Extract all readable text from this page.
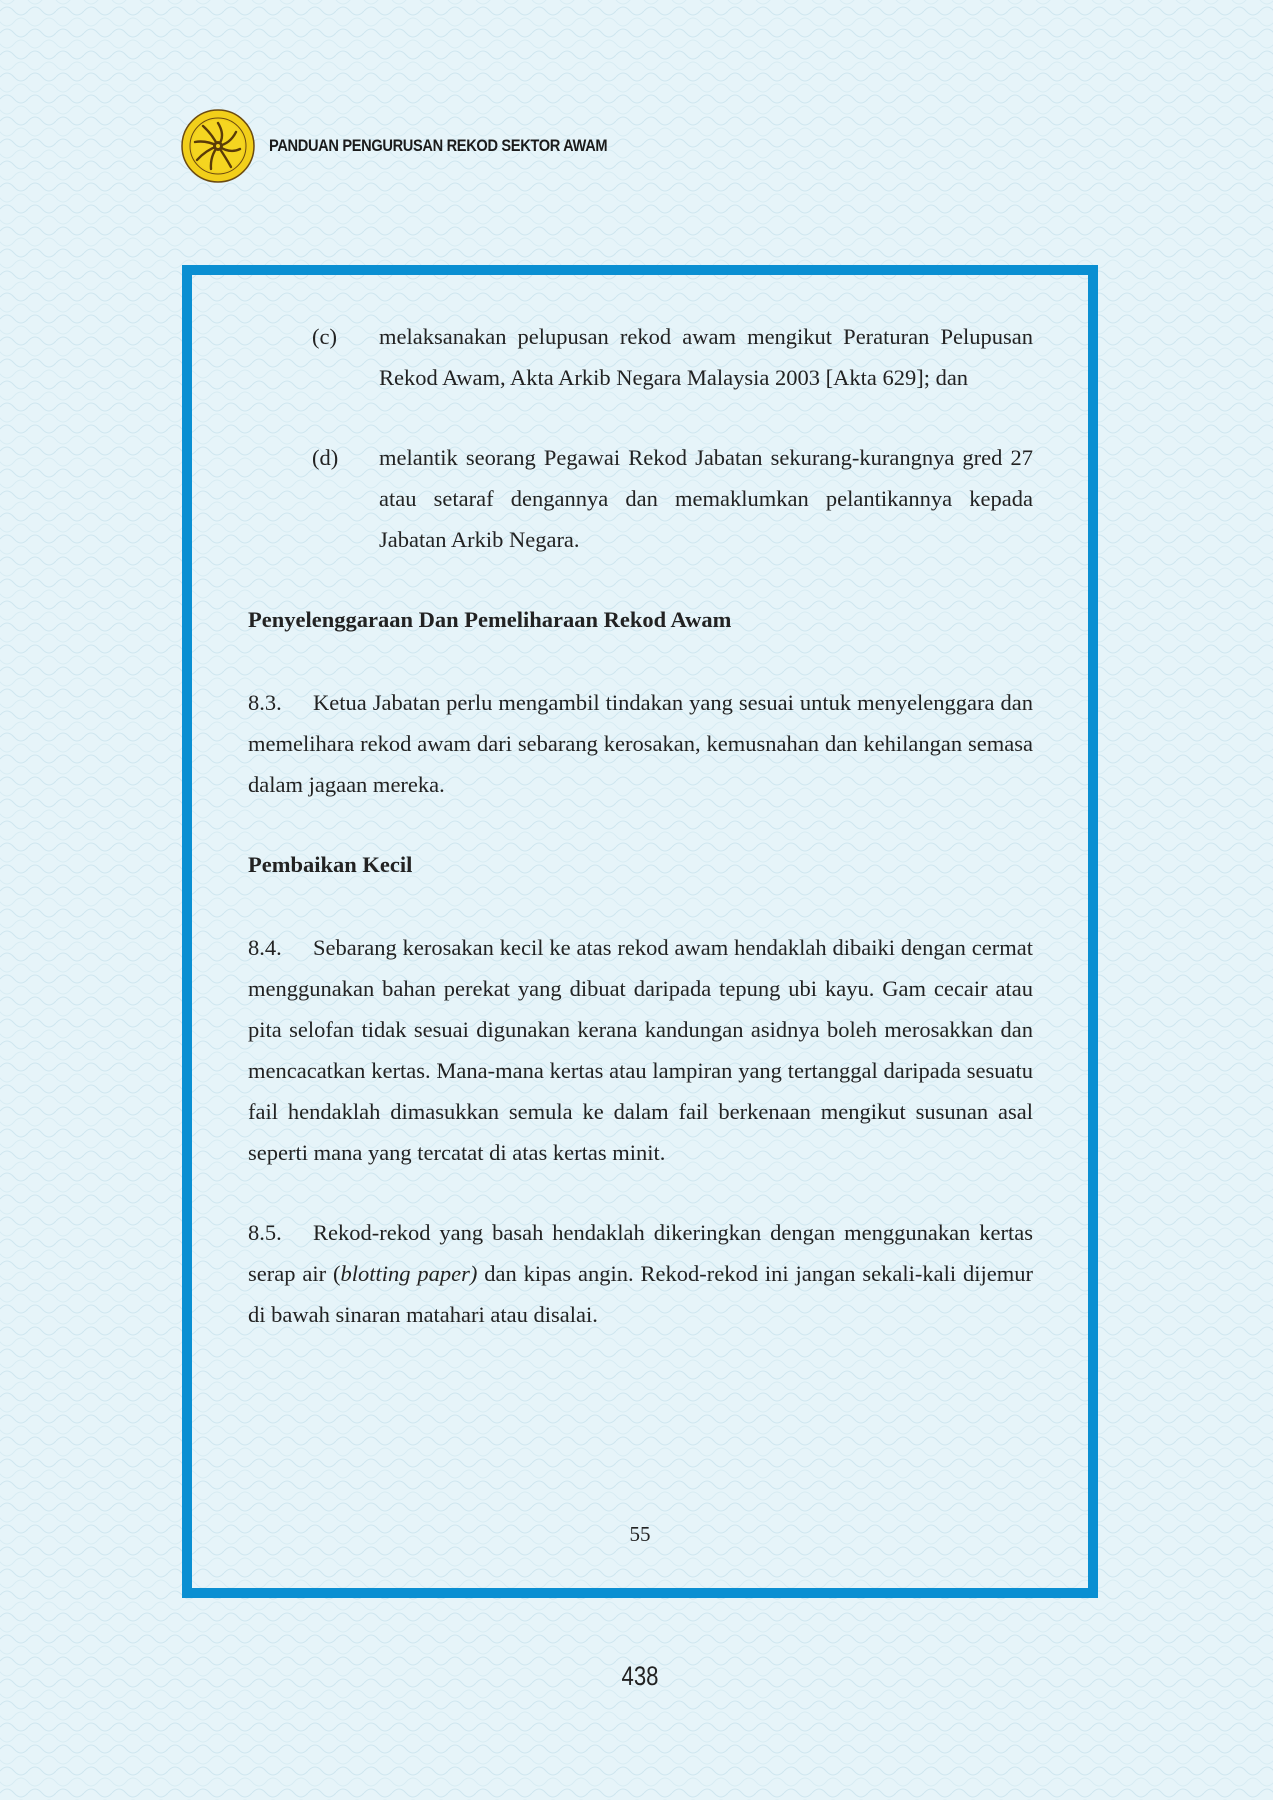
PANDUAN PENGURUSAN REKOD SEKTOR AWAM
(c) melaksanakan pelupusan rekod awam mengikut Peraturan Pelupusan Rekod Awam, Akta Arkib Negara Malaysia 2003 [Akta 629]; dan
(d) melantik seorang Pegawai Rekod Jabatan sekurang-kurangnya gred 27 atau setaraf dengannya dan memaklumkan pelantikannya kepada Jabatan Arkib Negara.
Penyelenggaraan Dan Pemeliharaan Rekod Awam
8.3. Ketua Jabatan perlu mengambil tindakan yang sesuai untuk menyelenggara dan memelihara rekod awam dari sebarang kerosakan, kemusnahan dan kehilangan semasa dalam jagaan mereka.
Pembaikan Kecil
8.4. Sebarang kerosakan kecil ke atas rekod awam hendaklah dibaiki dengan cermat menggunakan bahan perekat yang dibuat daripada tepung ubi kayu. Gam cecair atau pita selofan tidak sesuai digunakan kerana kandungan asidnya boleh merosakkan dan mencacatkan kertas. Mana-mana kertas atau lampiran yang tertanggal daripada sesuatu fail hendaklah dimasukkan semula ke dalam fail berkenaan mengikut susunan asal seperti mana yang tercatat di atas kertas minit.
8.5. Rekod-rekod yang basah hendaklah dikeringkan dengan menggunakan kertas serap air (blotting paper) dan kipas angin. Rekod-rekod ini jangan sekali-kali dijemur di bawah sinaran matahari atau disalai.
55
438
